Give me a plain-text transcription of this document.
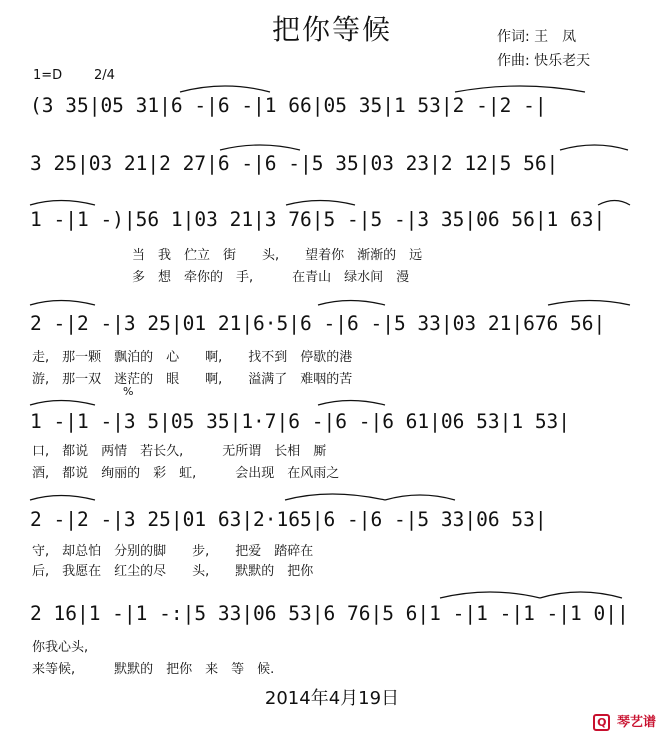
把你等候	作词: 王　凤
作曲: 快乐老天
1=D 2/4
(3 35|05 31|6 -|6 -|1 66|05 35|1 53|2 -|2 -|
3 25|03 21|2 27|6 -|6 -|5 35|03 23|2 12|5 56|
1 -|1 -)|56 1|03 21|3 76|5 -|5 -|3 35|06 56|1 63|
当　我　伫立　街　　头,　　望着你　渐渐的　远
多　想　牵你的　手,　　　在青山　绿水间　漫
2 -|2 -|3 25|01 21|6·5|6 -|6 -|5 33|03 21|676 56|
走,　那一颗　飘泊的　心　　啊,　　找不到　停歇的港
游,　那一双　迷茫的　眼　　啊,　　溢满了　难咽的苦
%
1 -|1 -|3 5|05 35|1·7|6 -|6 -|6 61|06 53|1 53|
口,　都说　两情　若长久,　　　无所谓　长相　厮
酒,　都说　绚丽的　彩　虹,　　　会出现　在风雨之
2 -|2 -|3 25|01 63|2·165|6 -|6 -|5 33|06 53|
守,　却总怕　分别的脚　　步,　　把爱　踏碎在
后,　我愿在　红尘的尽　　头,　　默默的　把你
2 16|1 -|1 -:|5 33|06 53|6 76|5 6|1 -|1 -|1 -|1 0||
你我心头,
来等候,　　　默默的　把你　来　等　候.
2014年4月19日
Q 琴艺谱
